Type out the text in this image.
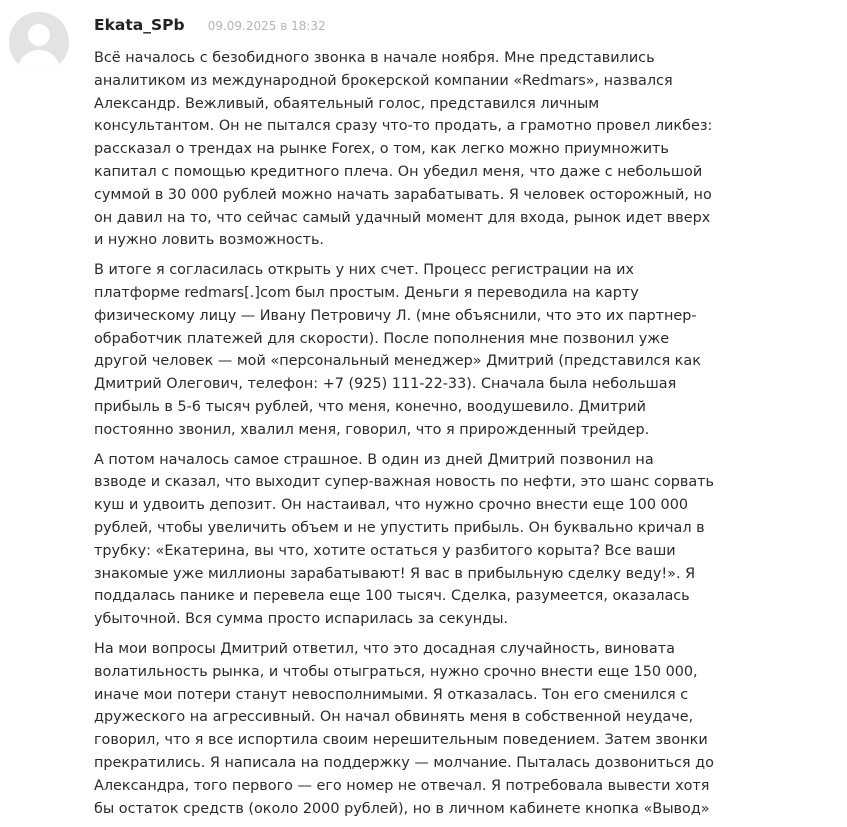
Ekata_SPb 09.09.2025 в 18:32

Всё началось с безобидного звонка в начале ноября. Мне представились
аналитиком из международной брокерской компании «Redmars», назвался
Александр. Вежливый, обаятельный голос, представился личным
консультантом. Он не пытался сразу что-то продать, а грамотно провел ликбез:
рассказал о трендах на рынке Forex, о том, как легко можно приумножить
капитал с помощью кредитного плеча. Он убедил меня, что даже с небольшой
суммой в 30 000 рублей можно начать зарабатывать. Я человек осторожный, но
он давил на то, что сейчас самый удачный момент для входа, рынок идет вверх
и нужно ловить возможность.

В итоге я согласилась открыть у них счет. Процесс регистрации на их
платформе redmars[.]com был простым. Деньги я переводила на карту
физическому лицу — Ивану Петровичу Л. (мне объяснили, что это их партнер-
обработчик платежей для скорости). После пополнения мне позвонил уже
другой человек — мой «персональный менеджер» Дмитрий (представился как
Дмитрий Олегович, телефон: +7 (925) 111-22-33). Сначала была небольшая
прибыль в 5-6 тысяч рублей, что меня, конечно, воодушевило. Дмитрий
постоянно звонил, хвалил меня, говорил, что я прирожденный трейдер.

А потом началось самое страшное. В один из дней Дмитрий позвонил на
взводе и сказал, что выходит супер-важная новость по нефти, это шанс сорвать
куш и удвоить депозит. Он настаивал, что нужно срочно внести еще 100 000
рублей, чтобы увеличить объем и не упустить прибыль. Он буквально кричал в
трубку: «Екатерина, вы что, хотите остаться у разбитого корыта? Все ваши
знакомые уже миллионы зарабатывают! Я вас в прибыльную сделку веду!». Я
поддалась панике и перевела еще 100 тысяч. Сделка, разумеется, оказалась
убыточной. Вся сумма просто испарилась за секунды.

На мои вопросы Дмитрий ответил, что это досадная случайность, виновата
волатильность рынка, и чтобы отыграться, нужно срочно внести еще 150 000,
иначе мои потери станут невосполнимыми. Я отказалась. Тон его сменился с
дружеского на агрессивный. Он начал обвинять меня в собственной неудаче,
говорил, что я все испортила своим нерешительным поведением. Затем звонки
прекратились. Я написала на поддержку — молчание. Пыталась дозвониться до
Александра, того первого — его номер не отвечал. Я потребовала вывести хотя
бы остаток средств (около 2000 рублей), но в личном кабинете кнопка «Вывод»
